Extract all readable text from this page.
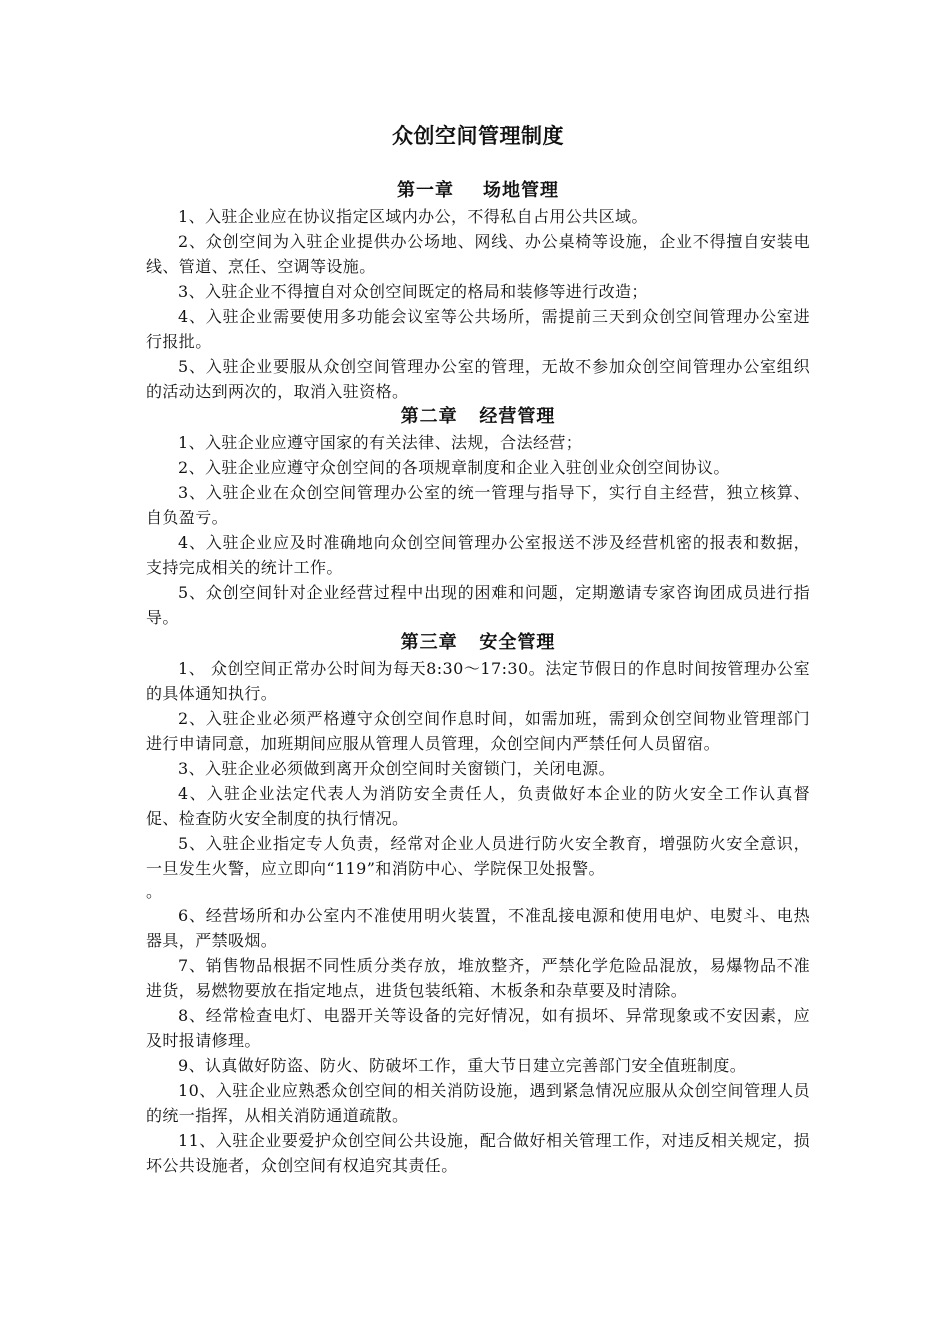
众创空间管理制度
第一章    场地管理

1、入驻企业应在协议指定区域内办公，不得私自占用公共区域。

2、众创空间为入驻企业提供办公场地、网线、办公桌椅等设施，企业不得擅自安装电线、管道、烹任、空调等设施。

3、入驻企业不得擅自对众创空间既定的格局和装修等进行改造；

4、入驻企业需要使用多功能会议室等公共场所，需提前三天到众创空间管理办公室进行报批。

5、入驻企业要服从众创空间管理办公室的管理，无故不参加众创空间管理办公室组织的活动达到两次的，取消入驻资格。

第二章   经营管理

1、入驻企业应遵守国家的有关法律、法规，合法经营；

2、入驻企业应遵守众创空间的各项规章制度和企业入驻创业众创空间协议。

3、入驻企业在众创空间管理办公室的统一管理与指导下，实行自主经营，独立核算、自负盈亏。

4、入驻企业应及时准确地向众创空间管理办公室报送不涉及经营机密的报表和数据，支持完成相关的统计工作。

5、众创空间针对企业经营过程中出现的困难和问题，定期邀请专家咨询团成员进行指导。

第三章   安全管理

1、 众创空间正常办公时间为每天8:30～17:30。法定节假日的作息时间按管理办公室的具体通知执行。

2、入驻企业必须严格遵守众创空间作息时间，如需加班，需到众创空间物业管理部门进行申请同意，加班期间应服从管理人员管理，众创空间内严禁任何人员留宿。

3、入驻企业必须做到离开众创空间时关窗锁门，关闭电源。

4、入驻企业法定代表人为消防安全责任人，负责做好本企业的防火安全工作认真督促、检查防火安全制度的执行情况。

5、入驻企业指定专人负责，经常对企业人员进行防火安全教育，增强防火安全意识，一旦发生火警，应立即向“119”和消防中心、学院保卫处报警。

。

6、经营场所和办公室内不准使用明火装置，不准乱接电源和使用电炉、电熨斗、电热器具，严禁吸烟。

7、销售物品根据不同性质分类存放，堆放整齐，严禁化学危险品混放，易爆物品不准进货，易燃物要放在指定地点，进货包装纸箱、木板条和杂草要及时清除。

8、经常检查电灯、电器开关等设备的完好情况，如有损坏、异常现象或不安因素，应及时报请修理。

9、认真做好防盗、防火、防破坏工作，重大节日建立完善部门安全值班制度。

10、入驻企业应熟悉众创空间的相关消防设施，遇到紧急情况应服从众创空间管理人员的统一指挥，从相关消防通道疏散。

11、入驻企业要爱护众创空间公共设施，配合做好相关管理工作，对违反相关规定，损坏公共设施者，众创空间有权追究其责任。
